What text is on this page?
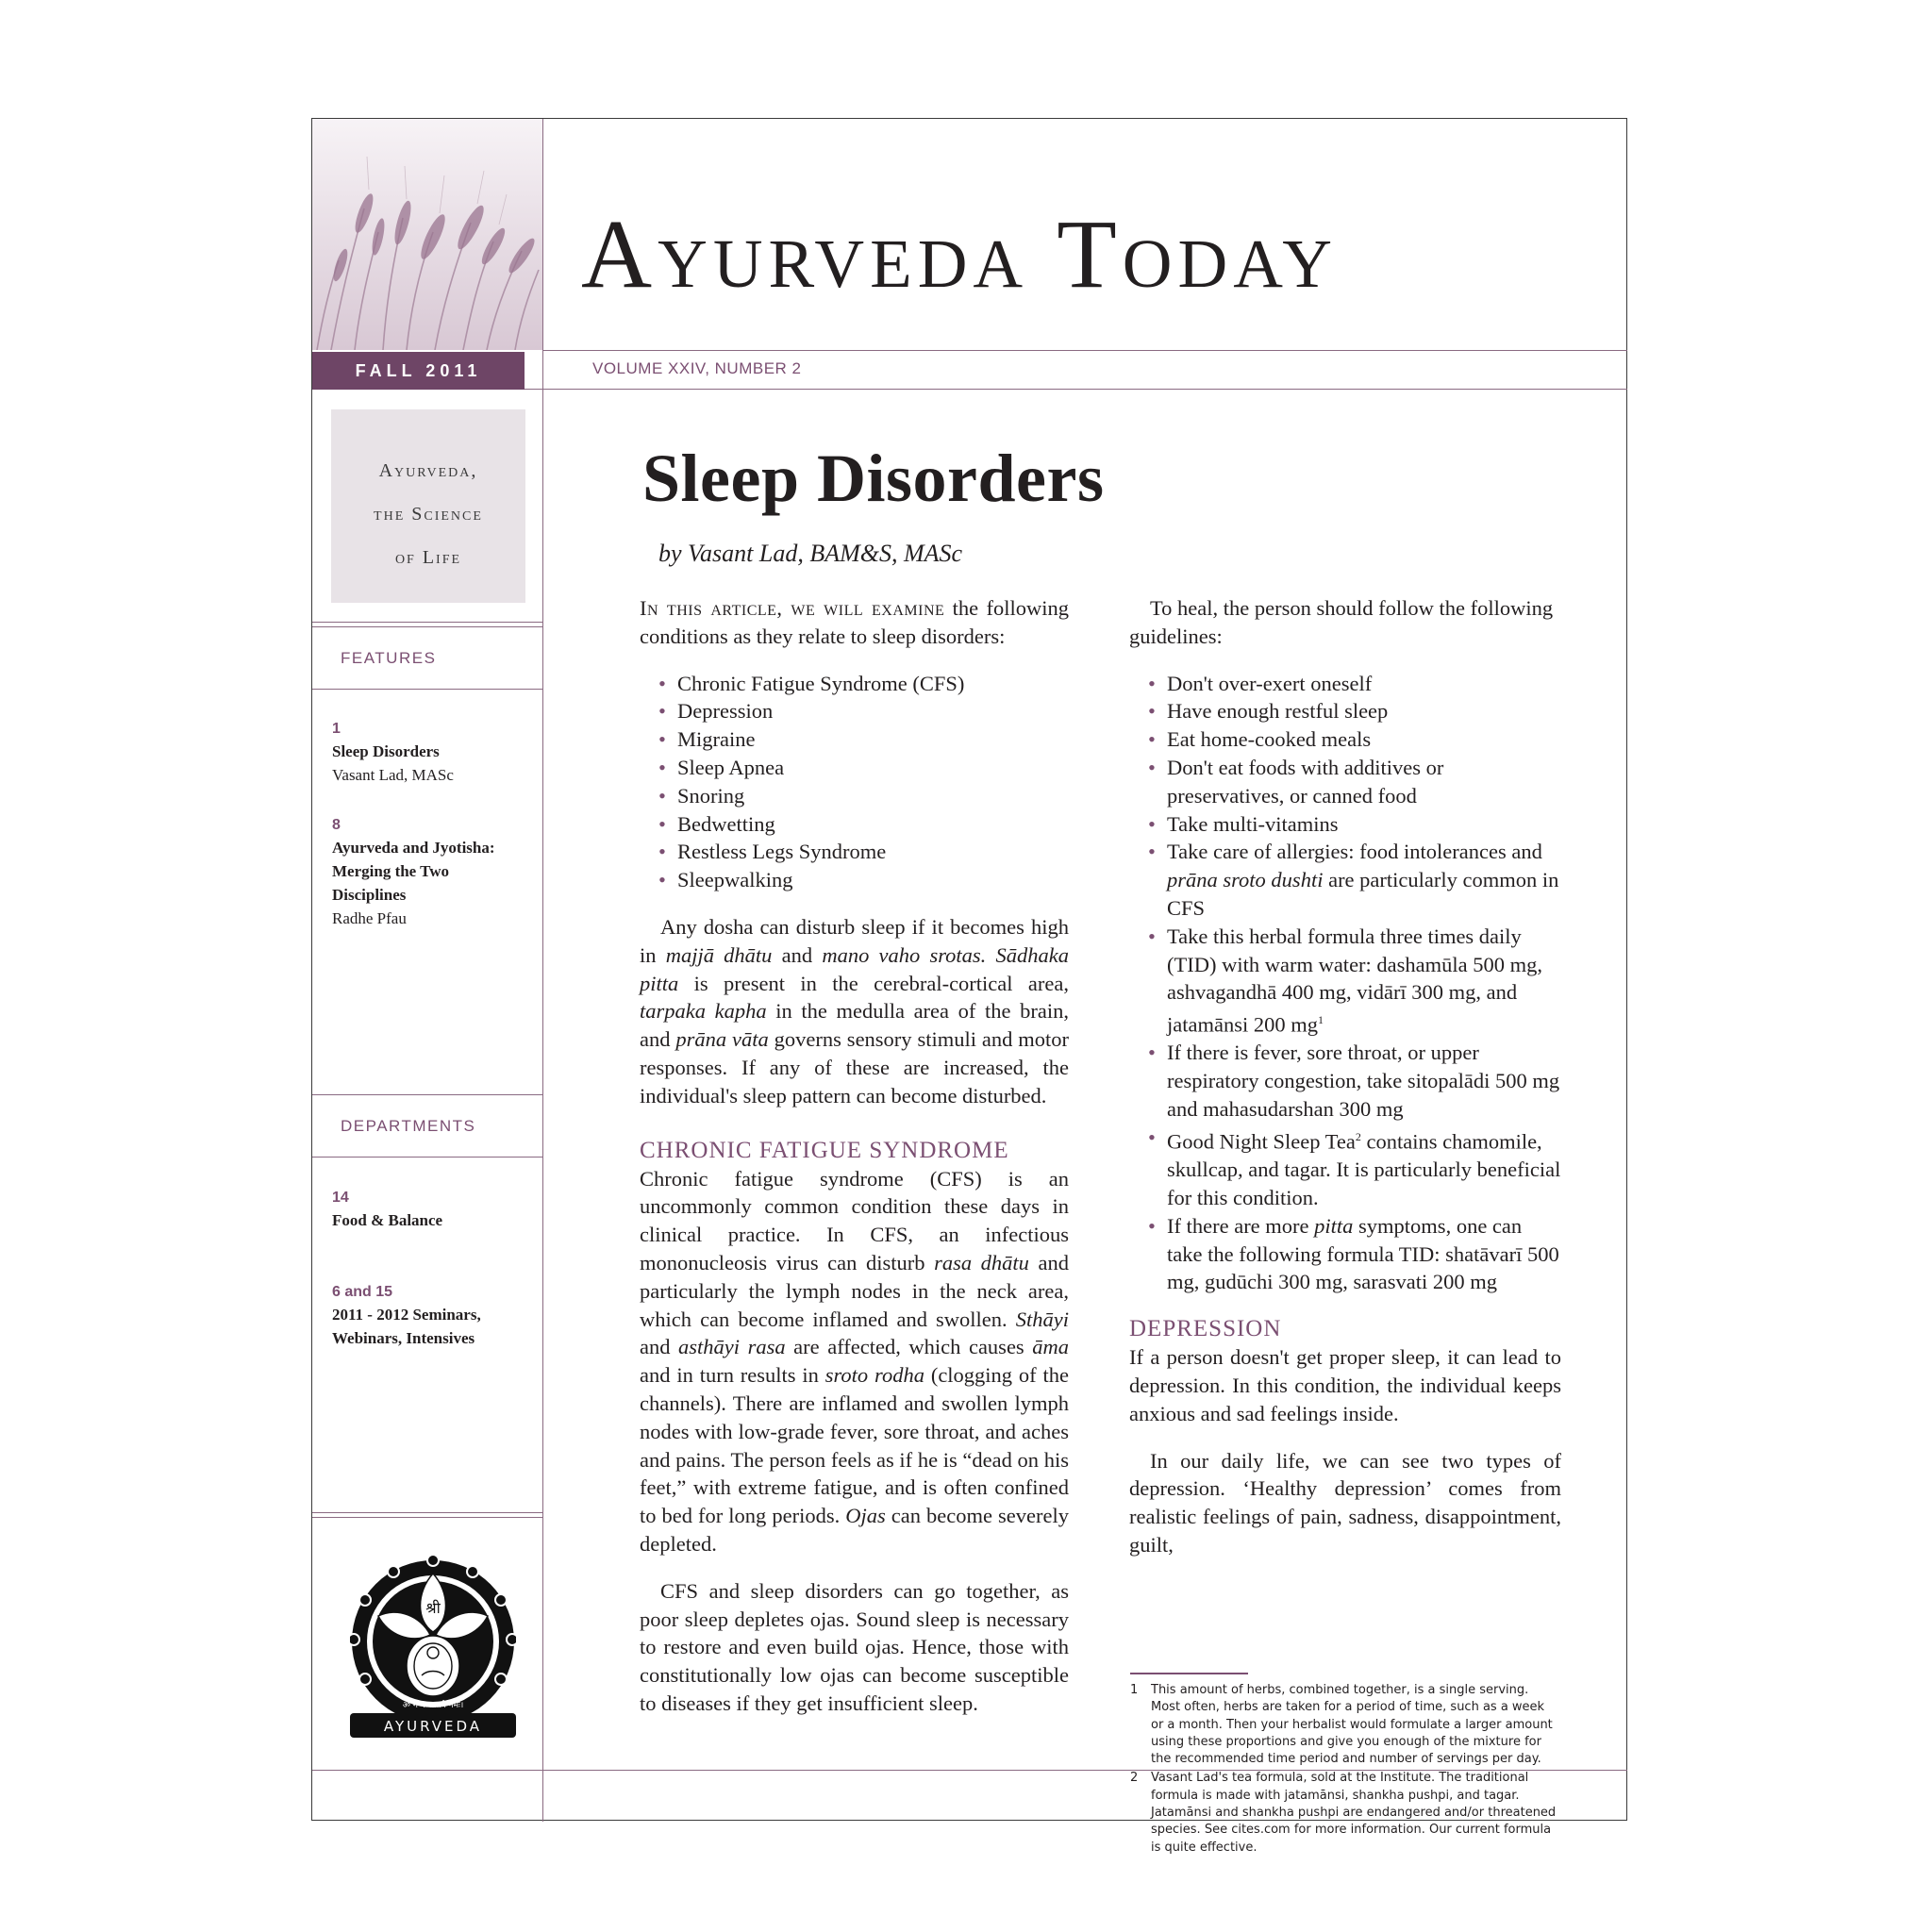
Ayurveda Today
FALL 2011	VOLUME XXIV, NUMBER 2
Ayurveda,
the Science
of Life
FEATURES
1
Sleep Disorders
Vasant Lad, MASc
8
Ayurveda and Jyotisha: Merging the Two Disciplines
Radhe Pfau
DEPARTMENTS
14
Food & Balance
6 and 15
2011 - 2012 Seminars, Webinars, Intensives
श्री
ॐ गं गणपतये नमः।
AYURVEDA
Sleep Disorders
by Vasant Lad, BAM&S, MASc

In this article, we will examine the following conditions as they relate to sleep disorders:

• Chronic Fatigue Syndrome (CFS)
• Depression
• Migraine
• Sleep Apnea
• Snoring
• Bedwetting
• Restless Legs Syndrome
• Sleepwalking

Any dosha can disturb sleep if it becomes high in majjā dhātu and mano vaho srotas. Sādhaka pitta is present in the cerebral-cortical area, tarpaka kapha in the medulla area of the brain, and prāna vāta governs sensory stimuli and motor responses. If any of these are increased, the individual's sleep pattern can become disturbed.

CHRONIC FATIGUE SYNDROME

Chronic fatigue syndrome (CFS) is an uncommonly common condition these days in clinical practice. In CFS, an infectious mononucleosis virus can disturb rasa dhātu and particularly the lymph nodes in the neck area, which can become inflamed and swollen. Sthāyi and asthāyi rasa are affected, which causes āma and in turn results in sroto rodha (clogging of the channels). There are inflamed and swollen lymph nodes with low-grade fever, sore throat, and aches and pains. The person feels as if he is “dead on his feet,” with extreme fatigue, and is often confined to bed for long periods. Ojas can become severely depleted.

CFS and sleep disorders can go together, as poor sleep depletes ojas. Sound sleep is necessary to restore and even build ojas. Hence, those with constitutionally low ojas can become susceptible to diseases if they get insufficient sleep.

To heal, the person should follow the following guidelines:

• Don't over-exert oneself
• Have enough restful sleep
• Eat home-cooked meals
• Don't eat foods with additives or preservatives, or canned food
• Take multi-vitamins
• Take care of allergies: food intolerances and prāna sroto dushti are particularly common in CFS
• Take this herbal formula three times daily (TID) with warm water: dashamūla 500 mg, ashvagandhā 400 mg, vidārī 300 mg, and jatamānsi 200 $mg^1$
• If there is fever, sore throat, or upper respiratory congestion, take sitopalādi 500 mg and mahasudarshan 300 mg
• Good Night Sleep Tea$^2$ contains chamomile, skullcap, and tagar. It is particularly beneficial for this condition.
• If there are more pitta symptoms, one can take the following formula TID: shatāvarī 500 mg, gudūchi 300 mg, sarasvati 200 mg
DEPRESSION

If a person doesn't get proper sleep, it can lead to depression. In this condition, the individual keeps anxious and sad feelings inside.

In our daily life, we can see two types of depression. ‘Healthy depression’ comes from realistic feelings of pain, sadness, disappointment, guilt,

1 This amount of herbs, combined together, is a single serving. Most often, herbs are taken for a period of time, such as a week or a month. Then your herbalist would formulate a larger amount using these proportions and give you enough of the mixture for the recommended time period and number of servings per day.
2 Vasant Lad's tea formula, sold at the Institute. The traditional formula is made with jatamānsi, shankha pushpi, and tagar. Jatamānsi and shankha pushpi are endangered and/or threatened species. See cites.com for more information. Our current formula is quite effective.
